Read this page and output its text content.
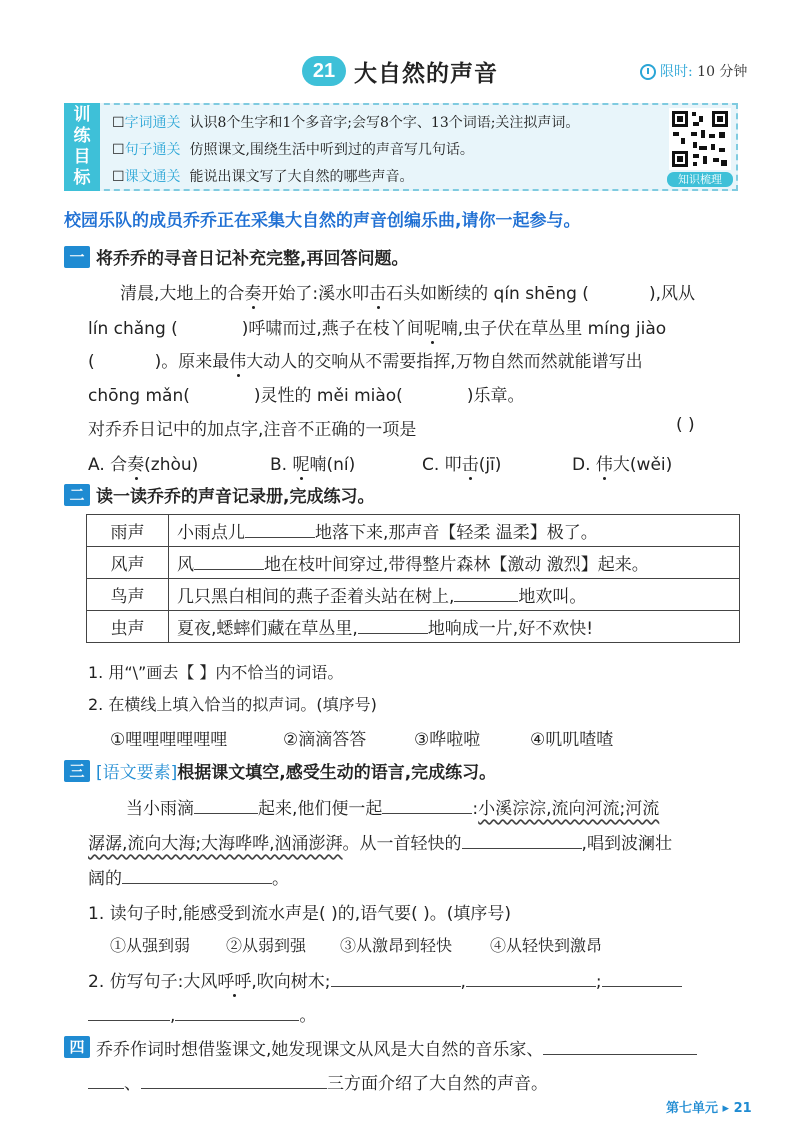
21 大自然的声音	限时: 10 分钟
训
练
目
标
☐字词通关 认识8个生字和1个多音字;会写8个字、13个词语;关注拟声词。
☐句子通关 仿照课文,围绕生活中听到过的声音写几句话。
☐课文通关 能说出课文写了大自然的哪些声音。	知识梳理
校园乐队的成员乔乔正在采集大自然的声音创编乐曲,请你一起参与。
一 将乔乔的寻音日记补充完整,再回答问题。
清晨,大地上的合奏开始了:溪水叩击石头如断续的 qín shēng (	),风从
lín chǎng (	)呼啸而过,燕子在枝丫间呢喃,虫子伏在草丛里 míng jiào
(	)。原来最伟大动人的交响从不需要指挥,万物自然而然就能谱写出
chōng mǎn(	)灵性的 měi miào(	)乐章。
对乔乔日记中的加点字,注音不正确的一项是	( )
A. 合奏(zhòu)	B. 呢喃(ní)	C. 叩击(jī)	D. 伟大(wěi)
二 读一读乔乔的声音记录册,完成练习。
雨声	小雨点儿 地落下来,那声音【轻柔 温柔】极了。
风声	风 地在枝叶间穿过,带得整片森林【激动 激烈】起来。
鸟声	几只黑白相间的燕子歪着头站在树上, 地欢叫。
虫声	夏夜,蟋蟀们藏在草丛里, 地响成一片,好不欢快!
1. 用“\”画去【 】内不恰当的词语。
2. 在横线上填入恰当的拟声词。(填序号)
①哩哩哩哩哩哩	②滴滴答答	③哗啦啦	④叽叽喳喳
三 [语文要素]根据课文填空,感受生动的语言,完成练习。
当小雨滴	起来,他们便一起	:小溪淙淙,流向河流;河流
潺潺,流向大海;大海哗哗,汹涌澎湃。从一首轻快的	,唱到波澜壮
阔的	。
1. 读句子时,能感受到流水声是( )的,语气要( )。(填序号)
①从强到弱 ②从弱到强 ③从激昂到轻快 ④从轻快到激昂
2. 仿写句子:大风呼呼,吹向树木;	,	;
,	。
四 乔乔作词时想借鉴课文,她发现课文从风是大自然的音乐家、
、	三方面介绍了大自然的声音。
第七单元 ▸ 21
